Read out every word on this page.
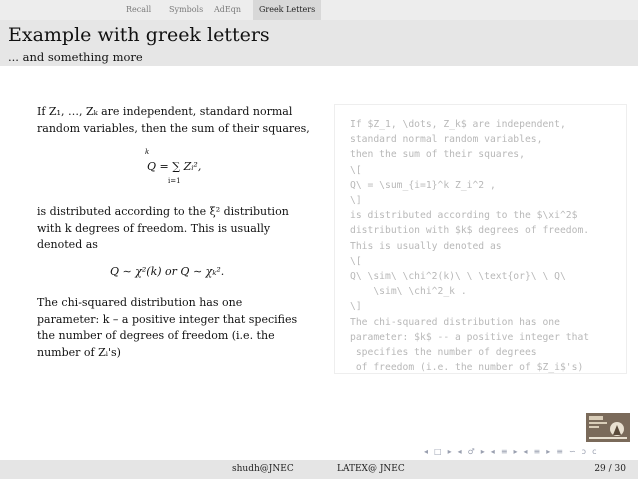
Recall Symbols AdEqn	Greek Letters
Example with greek letters
... and something more

If Z₁, …, Zₖ are independent, standard normal

random variables, then the sum of their squares,

k
Q = ∑ Zᵢ²,
i=1

is distributed according to the ξ² distribution

with k degrees of freedom. This is usually

denoted as

Q ∼ χ²(k) or Q ∼ χₖ².

The chi-squared distribution has one

parameter: k – a positive integer that specifies

the number of degrees of freedom (i.e. the

number of Zᵢ's)

If $Z_1, \dots, Z_k$ are independent,
standard normal random variables,
then the sum of their squares,
\[
Q\ = \sum_{i=1}^k Z_i^2 ,
\]
is distributed according to the $\xi^2$
distribution with $k$ degrees of freedom.
This is usually denoted as
\[
Q\ \sim\ \chi^2(k)\ \ \text{or}\ \ Q\
\sim\ \chi^2_k .
\]
The chi-squared distribution has one
parameter: $k$ -- a positive integer that
specifies the number of degrees
of freedom (i.e. the number of $Z_i$'s)
◂ □ ▸ ◂ ♂ ▸ ◂ ≡ ▸ ◂ ≡ ▸ ≡ ∽ ᴐ ᴄ
shudh@JNEC	LATEX@ JNEC	29 / 30
